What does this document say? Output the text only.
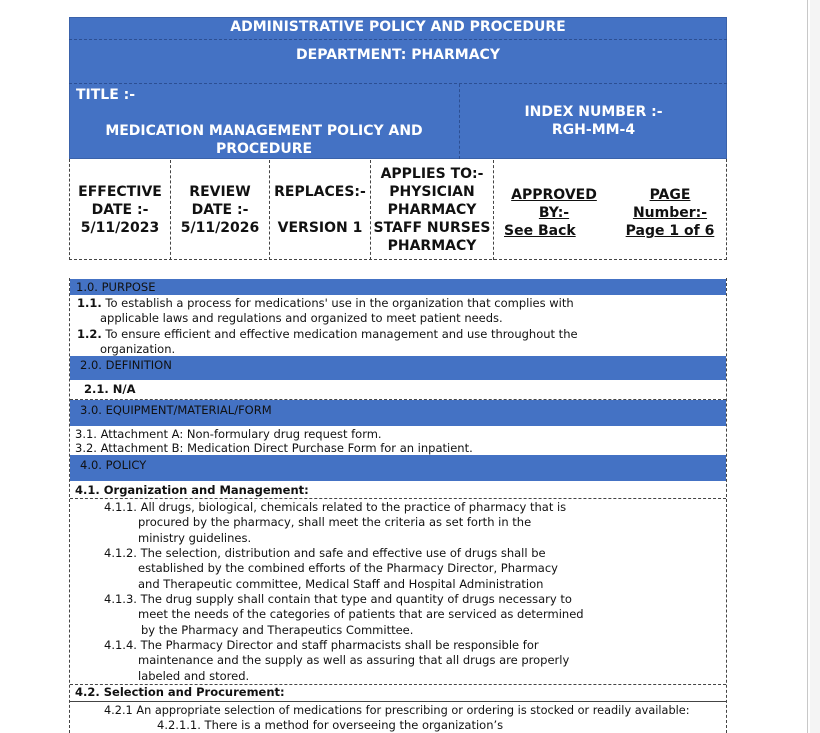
ADMINISTRATIVE POLICY AND PROCEDURE
DEPARTMENT: PHARMACY
TITLE :-
MEDICATION MANAGEMENT POLICY AND
PROCEDURE
INDEX NUMBER :-
RGH-MM-4
EFFECTIVE
DATE :-
5/11/2023
REVIEW
DATE :-
5/11/2026
REPLACES:-
VERSION 1
APPLIES TO:-
PHYSICIAN
PHARMACY
STAFF NURSES
PHARMACY
APPROVED BY:-
See Back
PAGE
Number:-
Page 1 of 6
1.0. PURPOSE
1.1. To establish a process for medications' use in the organization that complies with
applicable laws and regulations and organized to meet patient needs.
1.2. To ensure efficient and effective medication management and use throughout the
organization.
2.0. DEFINITION
2.1. N/A
3.0. EQUIPMENT/MATERIAL/FORM
3.1. Attachment A: Non-formulary drug request form.
3.2. Attachment B: Medication Direct Purchase Form for an inpatient.
4.0. POLICY
4.1. Organization and Management:
4.1.1. All drugs, biological, chemicals related to the practice of pharmacy that is
procured by the pharmacy, shall meet the criteria as set forth in the
ministry guidelines.
4.1.2. The selection, distribution and safe and effective use of drugs shall be
established by the combined efforts of the Pharmacy Director, Pharmacy
and Therapeutic committee, Medical Staff and Hospital Administration
4.1.3. The drug supply shall contain that type and quantity of drugs necessary to
meet the needs of the categories of patients that are serviced as determined
by the Pharmacy and Therapeutics Committee.
4.1.4. The Pharmacy Director and staff pharmacists shall be responsible for
maintenance and the supply as well as assuring that all drugs are properly
labeled and stored.
4.2. Selection and Procurement:
4.2.1 An appropriate selection of medications for prescribing or ordering is stocked or readily available:
4.2.1.1. There is a method for overseeing the organization’s
